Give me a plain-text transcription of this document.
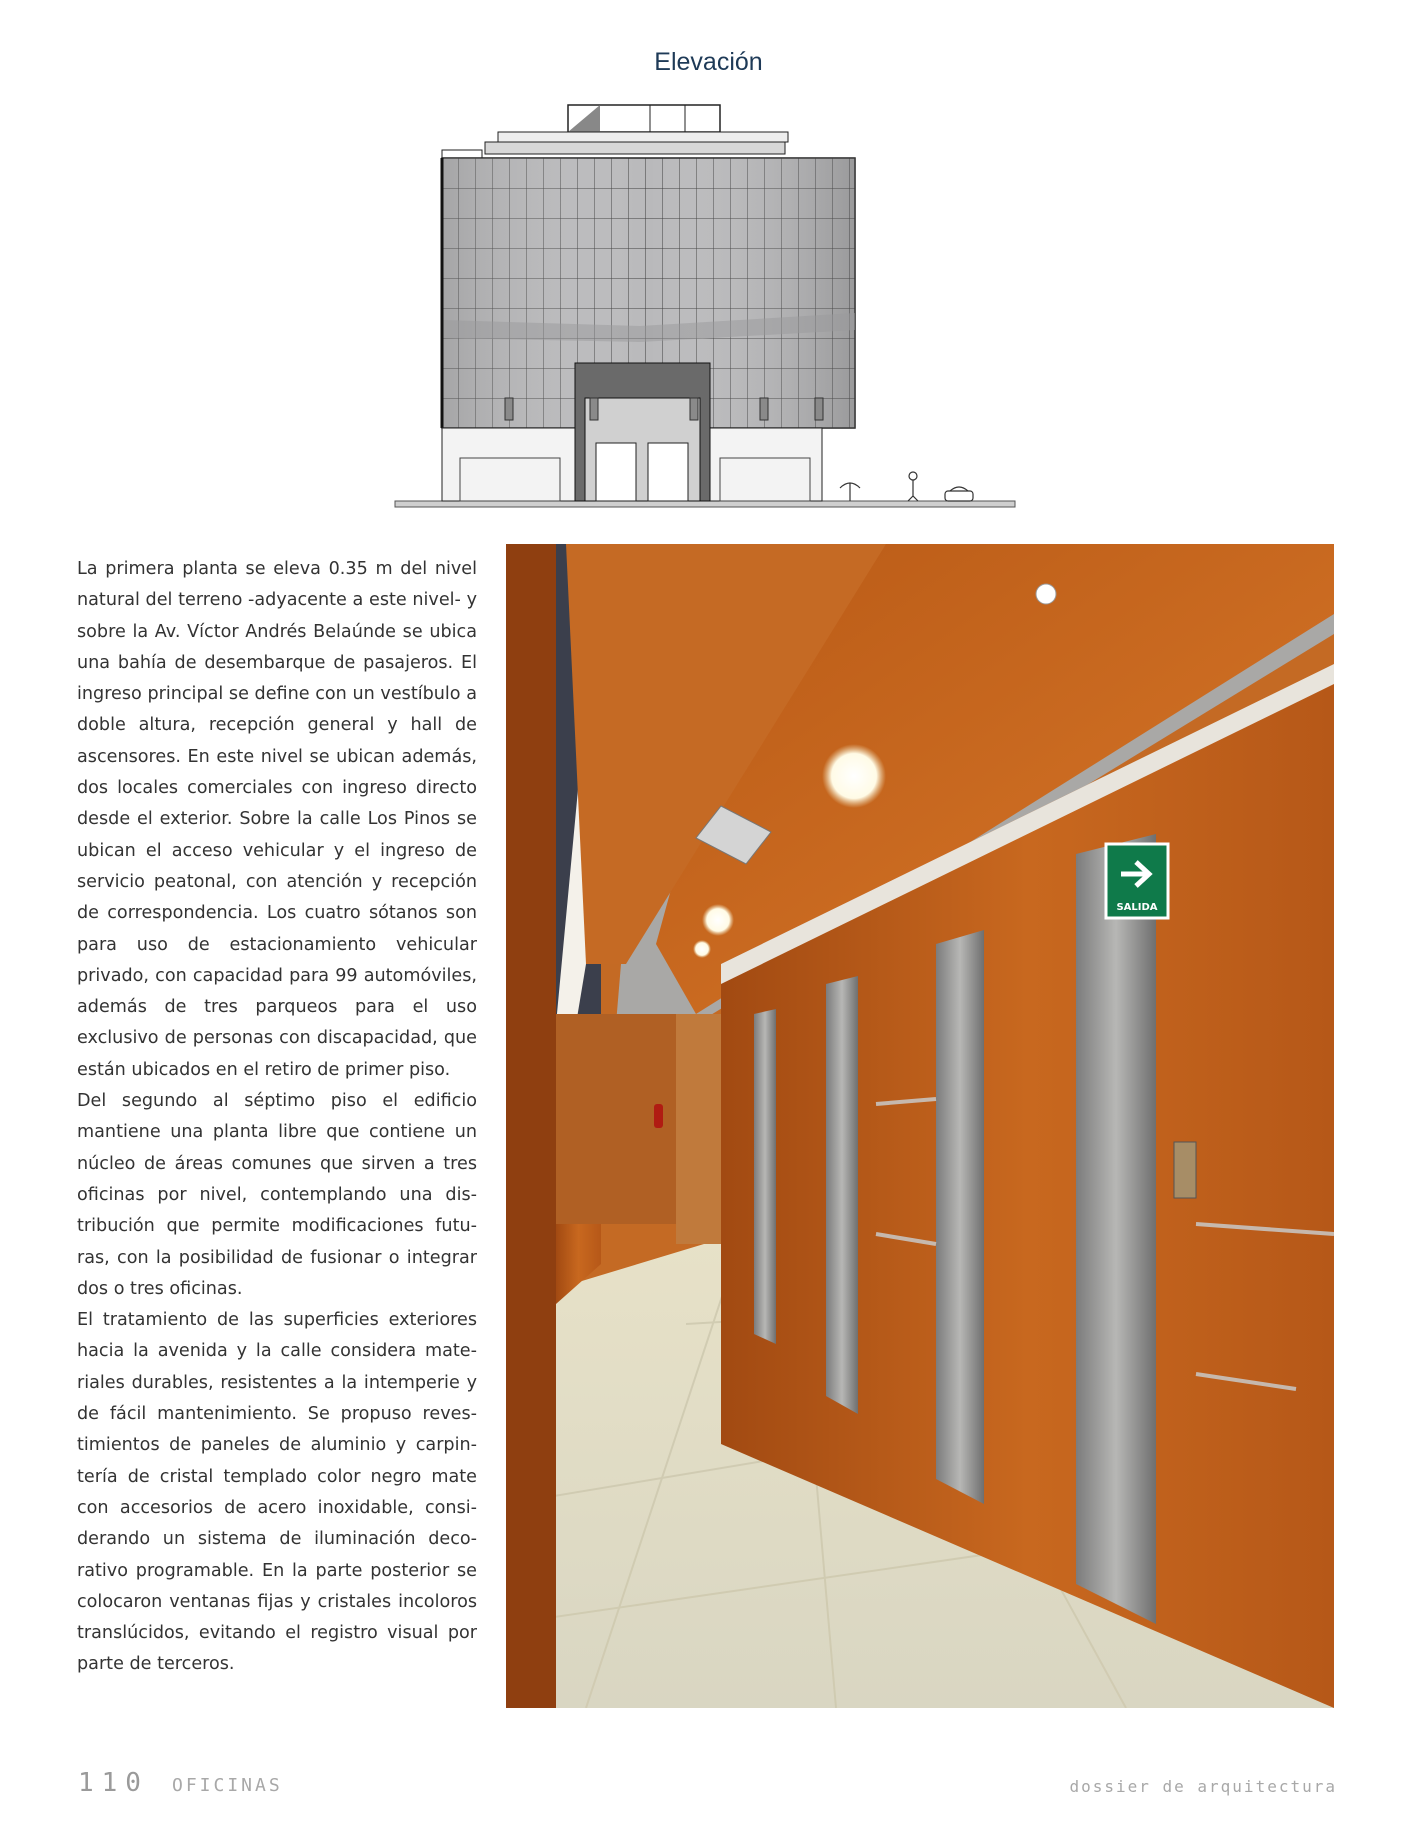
Elevación

La primera planta se eleva 0.35 m del nivel natural del terreno -adyacente a este nivel- y sobre la Av. Víctor Andrés Belaúnde se ubica una bahía de desembarque de pasajeros. El ingreso principal se define con un vestíbulo a doble altura, recepción general y hall de ascensores. En este nivel se ubican además, dos locales comerciales con ingreso directo desde el exterior. Sobre la calle Los Pinos se ubican el acceso vehicular y el ingreso de servicio peatonal, con atención y recepción de correspondencia. Los cuatro sótanos son para uso de estacionamiento vehicular privado, con capacidad para 99 automóviles, además de tres parqueos para el uso exclusivo de personas con discapacidad, que están ubicados en el retiro de primer piso.

Del segundo al séptimo piso el edificio mantiene una planta libre que contiene un núcleo de áreas comunes que sirven a tres oficinas por nivel, contemplando una distribución que permite modificaciones futuras, con la posibilidad de fusionar o integrar dos o tres oficinas.

El tratamiento de las superficies exteriores hacia la avenida y la calle considera materiales durables, resistentes a la intemperie y de fácil mantenimiento. Se propuso revestimientos de paneles de aluminio y carpintería de cristal templado color negro mate con accesorios de acero inoxidable, considerando un sistema de iluminación decorativo programable. En la parte posterior se colocaron ventanas fijas y cristales incoloros translúcidos, evitando el registro visual por parte de terceros.

SALIDA
110 OFICINAS	dossier de arquitectura
